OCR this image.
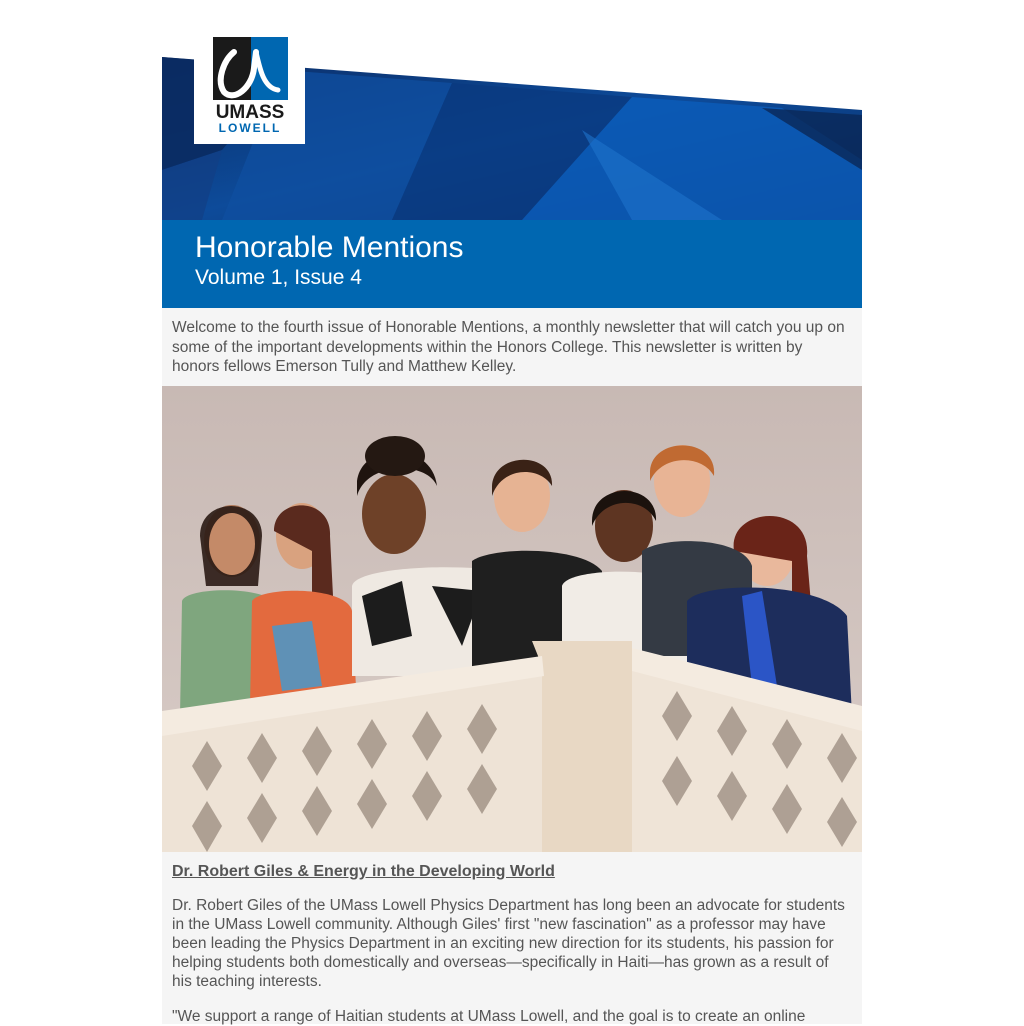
UMASS
LOWELL
Honorable Mentions
Volume 1, Issue 4
Welcome to the fourth issue of Honorable Mentions, a monthly newsletter that will catch you up on some of the important developments within the Honors College. This newsletter is written by honors fellows Emerson Tully and Matthew Kelley.
Dr. Robert Giles & Energy in the Developing World

Dr. Robert Giles of the UMass Lowell Physics Department has long been an advocate for students in the UMass Lowell community. Although Giles' first "new fascination" as a professor may have been leading the Physics Department in an exciting new direction for its students, his passion for helping students both domestically and overseas—specifically in Haiti—has grown as a result of his teaching interests.

"We support a range of Haitian students at UMass Lowell, and the goal is to create an online
